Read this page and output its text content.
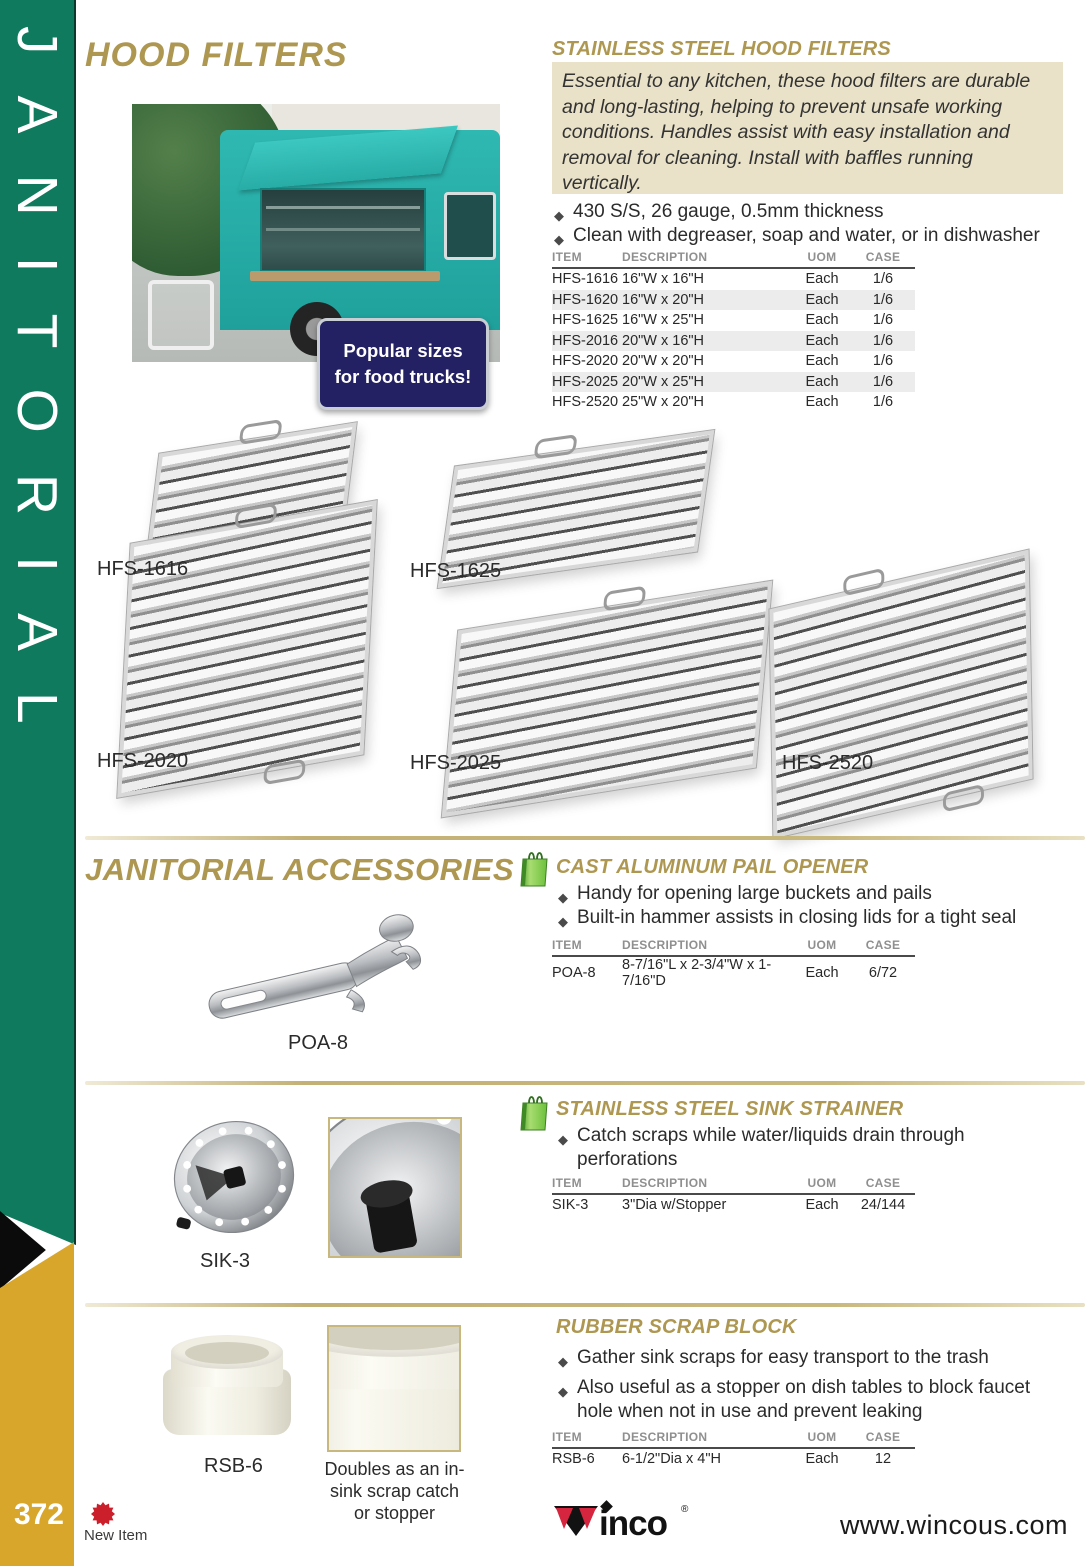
JANITORIAL
372
HOOD FILTERS
Popular sizes
for food trucks!
STAINLESS STEEL HOOD FILTERS
Essential to any kitchen, these hood filters are durable and long-lasting, helping to prevent unsafe working conditions. Handles assist with easy installation and removal for cleaning. Install with baffles running vertically.
◆ 430 S/S, 26 gauge, 0.5mm thickness
◆ Clean with degreaser, soap and water, or in dishwasher
ITEM	DESCRIPTION	UOM	CASE
HFS-1616 16"W x 16"H	Each	1/6
HFS-1620 16"W x 20"H	Each	1/6
HFS-1625 16"W x 25"H	Each	1/6
HFS-2016 20"W x 16"H	Each	1/6
HFS-2020 20"W x 20"H	Each	1/6
HFS-2025 20"W x 25"H	Each	1/6
HFS-2520 25"W x 20"H	Each	1/6
HFS-1616	HFS-1625
HFS-2020	HFS-2025	HFS-2520
JANITORIAL ACCESSORIES CAST ALUMINUM PAIL OPENER
◆ Handy for opening large buckets and pails
◆ Built-in hammer assists in closing lids for a tight seal
ITEM	DESCRIPTION	UOM	CASE
POA-8	8-7/16"L x 2-3/4"W x 1-7/16"D	Each	6/72
POA-8
STAINLESS STEEL SINK STRAINER
◆ Catch scraps while water/liquids drain through perforations
ITEM	DESCRIPTION	UOM	CASE
SIK-3	3"Dia w/Stopper	Each	24/144
SIK-3
RUBBER SCRAP BLOCK
◆ Gather sink scraps for easy transport to the trash
◆ Also useful as a stopper on dish tables to block faucet hole when not in use and prevent leaking
ITEM	DESCRIPTION	UOM	CASE
RSB-6	6-1/2"Dia x 4"H	Each	12
RSB-6	Doubles as an in-sink scrap catch or stopper
New Item	inco ®
www.wincous.com
